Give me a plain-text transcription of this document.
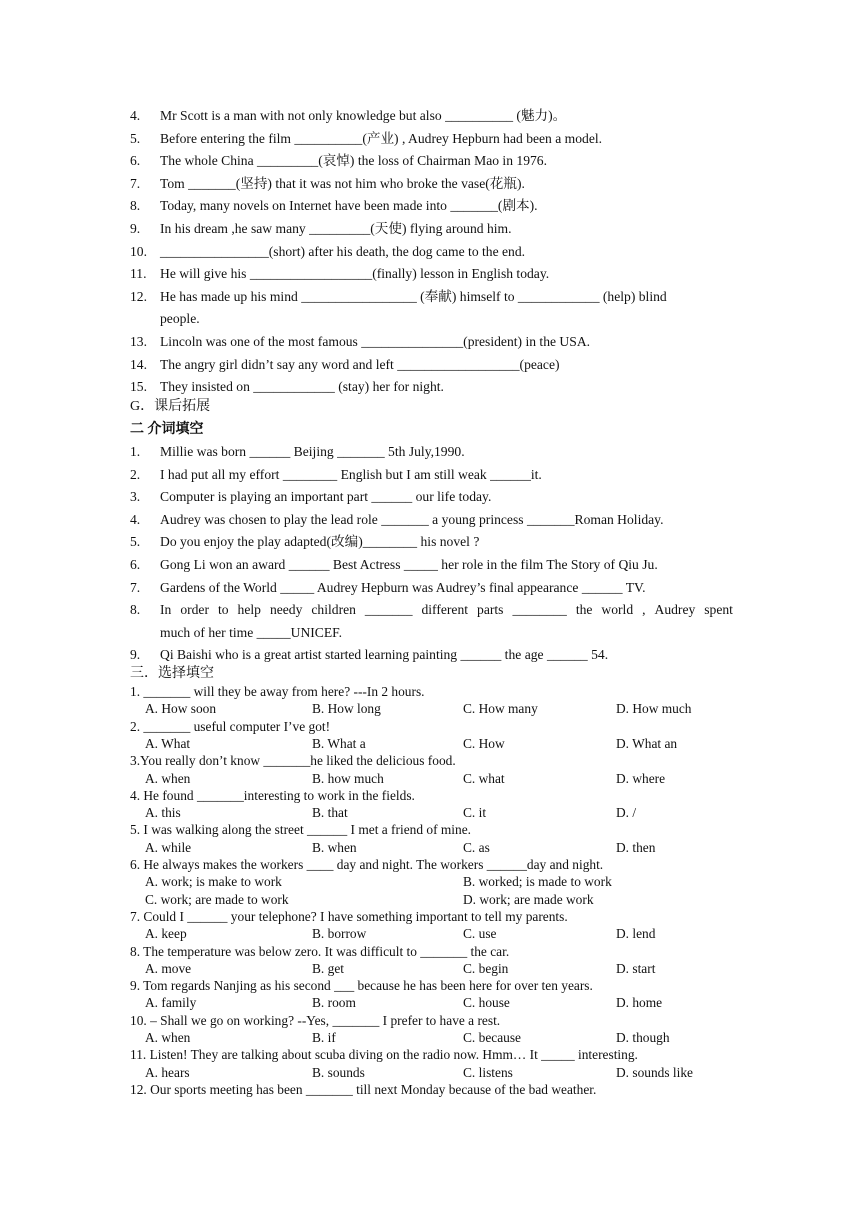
4. Mr Scott is a man with not only knowledge but also __________ (魅力)。
5. Before entering the film __________(产业) , Audrey Hepburn had been a model.
6. The whole China _________(哀悼) the loss of Chairman Mao in 1976.
7. Tom _______(坚持) that it was not him who broke the vase(花瓶).
8. Today, many novels on Internet have been made into _______(剧本).
9. In his dream ,he saw many _________(天使) flying around him.
10. ________________(short) after his death, the dog came to the end.
11. He will give his __________________(finally) lesson in English today.
12. He has made up his mind _________________ (奉献) himself to ____________ (help) blind
people.
13. Lincoln was one of the most famous _______________(president) in the USA.
14. The angry girl didn’t say any word and left __________________(peace)
15. They insisted on ____________ (stay) her for night.
G．课后拓展
二 介词填空
1. Millie was born ______ Beijing _______ 5th July,1990.
2. I had put all my effort ________ English but I am still weak ______it.
3. Computer is playing an important part ______ our life today.
4. Audrey was chosen to play the lead role _______ a young princess _______Roman Holiday.
5. Do you enjoy the play adapted(改编)________ his novel ?
6. Gong Li won an award ______ Best Actress _____ her role in the film The Story of Qiu Ju.
7. Gardens of the World _____ Audrey Hepburn was Audrey’s final appearance ______ TV.
8. In order to help needy children _______ different parts ________ the world , Audrey spent
much of her time _____UNICEF.
9. Qi Baishi who is a great artist started learning painting ______ the age ______ 54.
三．选择填空
1. _______ will they be away from here? ---In 2 hours.
A. How soon	B. How long	C. How many	D. How much
2. _______ useful computer I’ve got!
A. What	B. What a	C. How	D. What an
3.You really don’t know _______he liked the delicious food.
A. when	B. how much	C. what	D. where
4. He found _______interesting to work in the fields.
A. this	B. that	C. it	D. /
5. I was walking along the street ______ I met a friend of mine.
A. while	B. when	C. as	D. then
6. He always makes the workers ____ day and night. The workers ______day and night.
A. work; is make to work	B. worked; is made to work
C. work; are made to work	D. work; are made work
7. Could I ______ your telephone? I have something important to tell my parents.
A. keep	B. borrow	C. use	D. lend
8. The temperature was below zero. It was difficult to _______ the car.
A. move	B. get	C. begin	D. start
9. Tom regards Nanjing as his second ___ because he has been here for over ten years.
A. family	B. room	C. house	D. home
10. – Shall we go on working? --Yes, _______ I prefer to have a rest.
A. when	B. if	C. because	D. though
11. Listen! They are talking about scuba diving on the radio now. Hmm… It _____ interesting.
A. hears	B. sounds	C. listens	D. sounds like
12. Our sports meeting has been _______ till next Monday because of the bad weather.
